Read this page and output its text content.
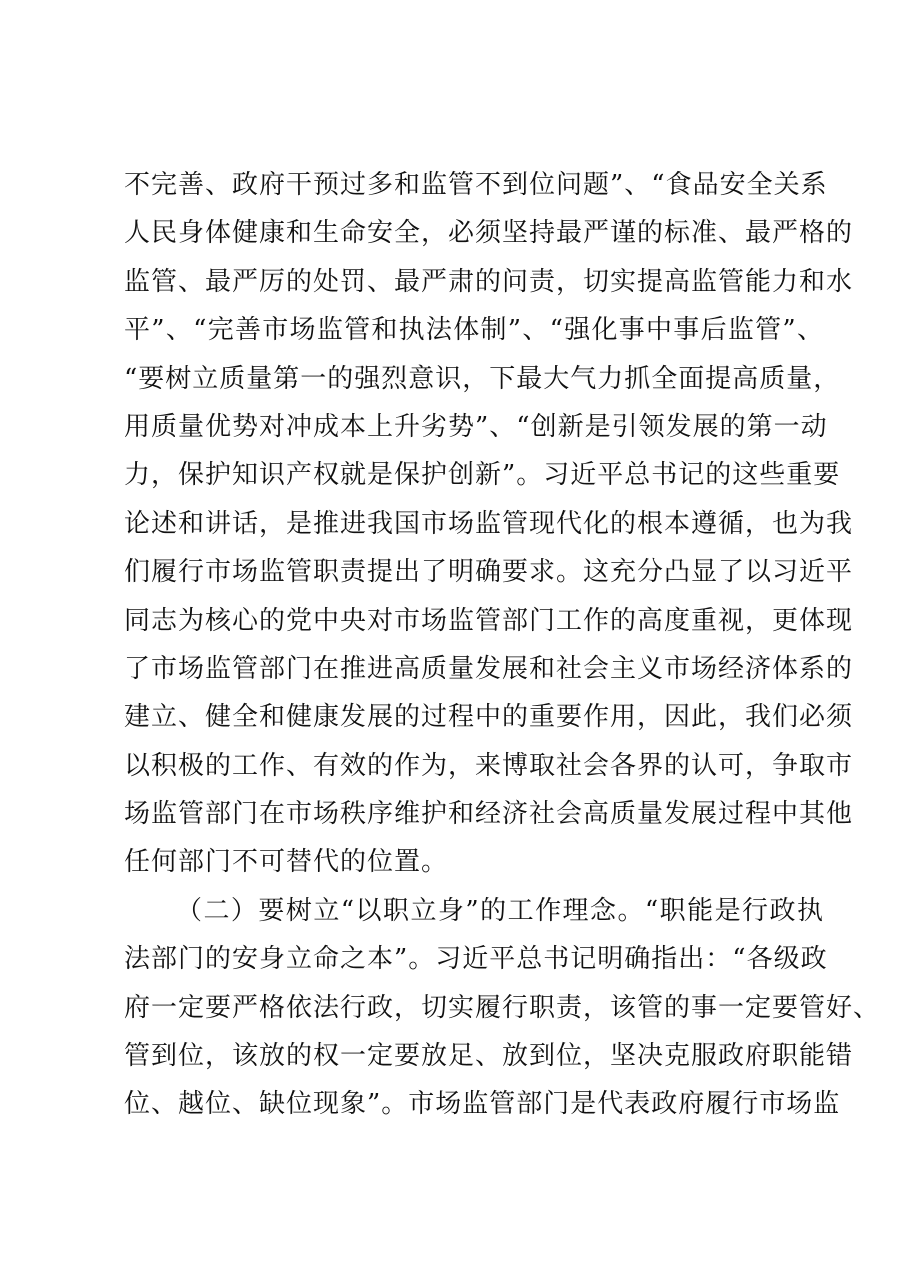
不完善、政府干预过多和监管不到位问题”、“食品安全关系
人民身体健康和生命安全，必须坚持最严谨的标准、最严格的
监管、最严厉的处罚、最严肃的问责，切实提高监管能力和水
平”、“完善市场监管和执法体制”、“强化事中事后监管”、
“要树立质量第一的强烈意识，下最大气力抓全面提高质量，
用质量优势对冲成本上升劣势”、“创新是引领发展的第一动
力，保护知识产权就是保护创新”。习近平总书记的这些重要
论述和讲话，是推进我国市场监管现代化的根本遵循，也为我
们履行市场监管职责提出了明确要求。这充分凸显了以习近平
同志为核心的党中央对市场监管部门工作的高度重视，更体现
了市场监管部门在推进高质量发展和社会主义市场经济体系的
建立、健全和健康发展的过程中的重要作用，因此，我们必须
以积极的工作、有效的作为，来博取社会各界的认可，争取市
场监管部门在市场秩序维护和经济社会高质量发展过程中其他
任何部门不可替代的位置。
（二）要树立“以职立身”的工作理念。“职能是行政执
法部门的安身立命之本”。习近平总书记明确指出：“各级政
府一定要严格依法行政，切实履行职责，该管的事一定要管好、
管到位，该放的权一定要放足、放到位，坚决克服政府职能错
位、越位、缺位现象”。市场监管部门是代表政府履行市场监
